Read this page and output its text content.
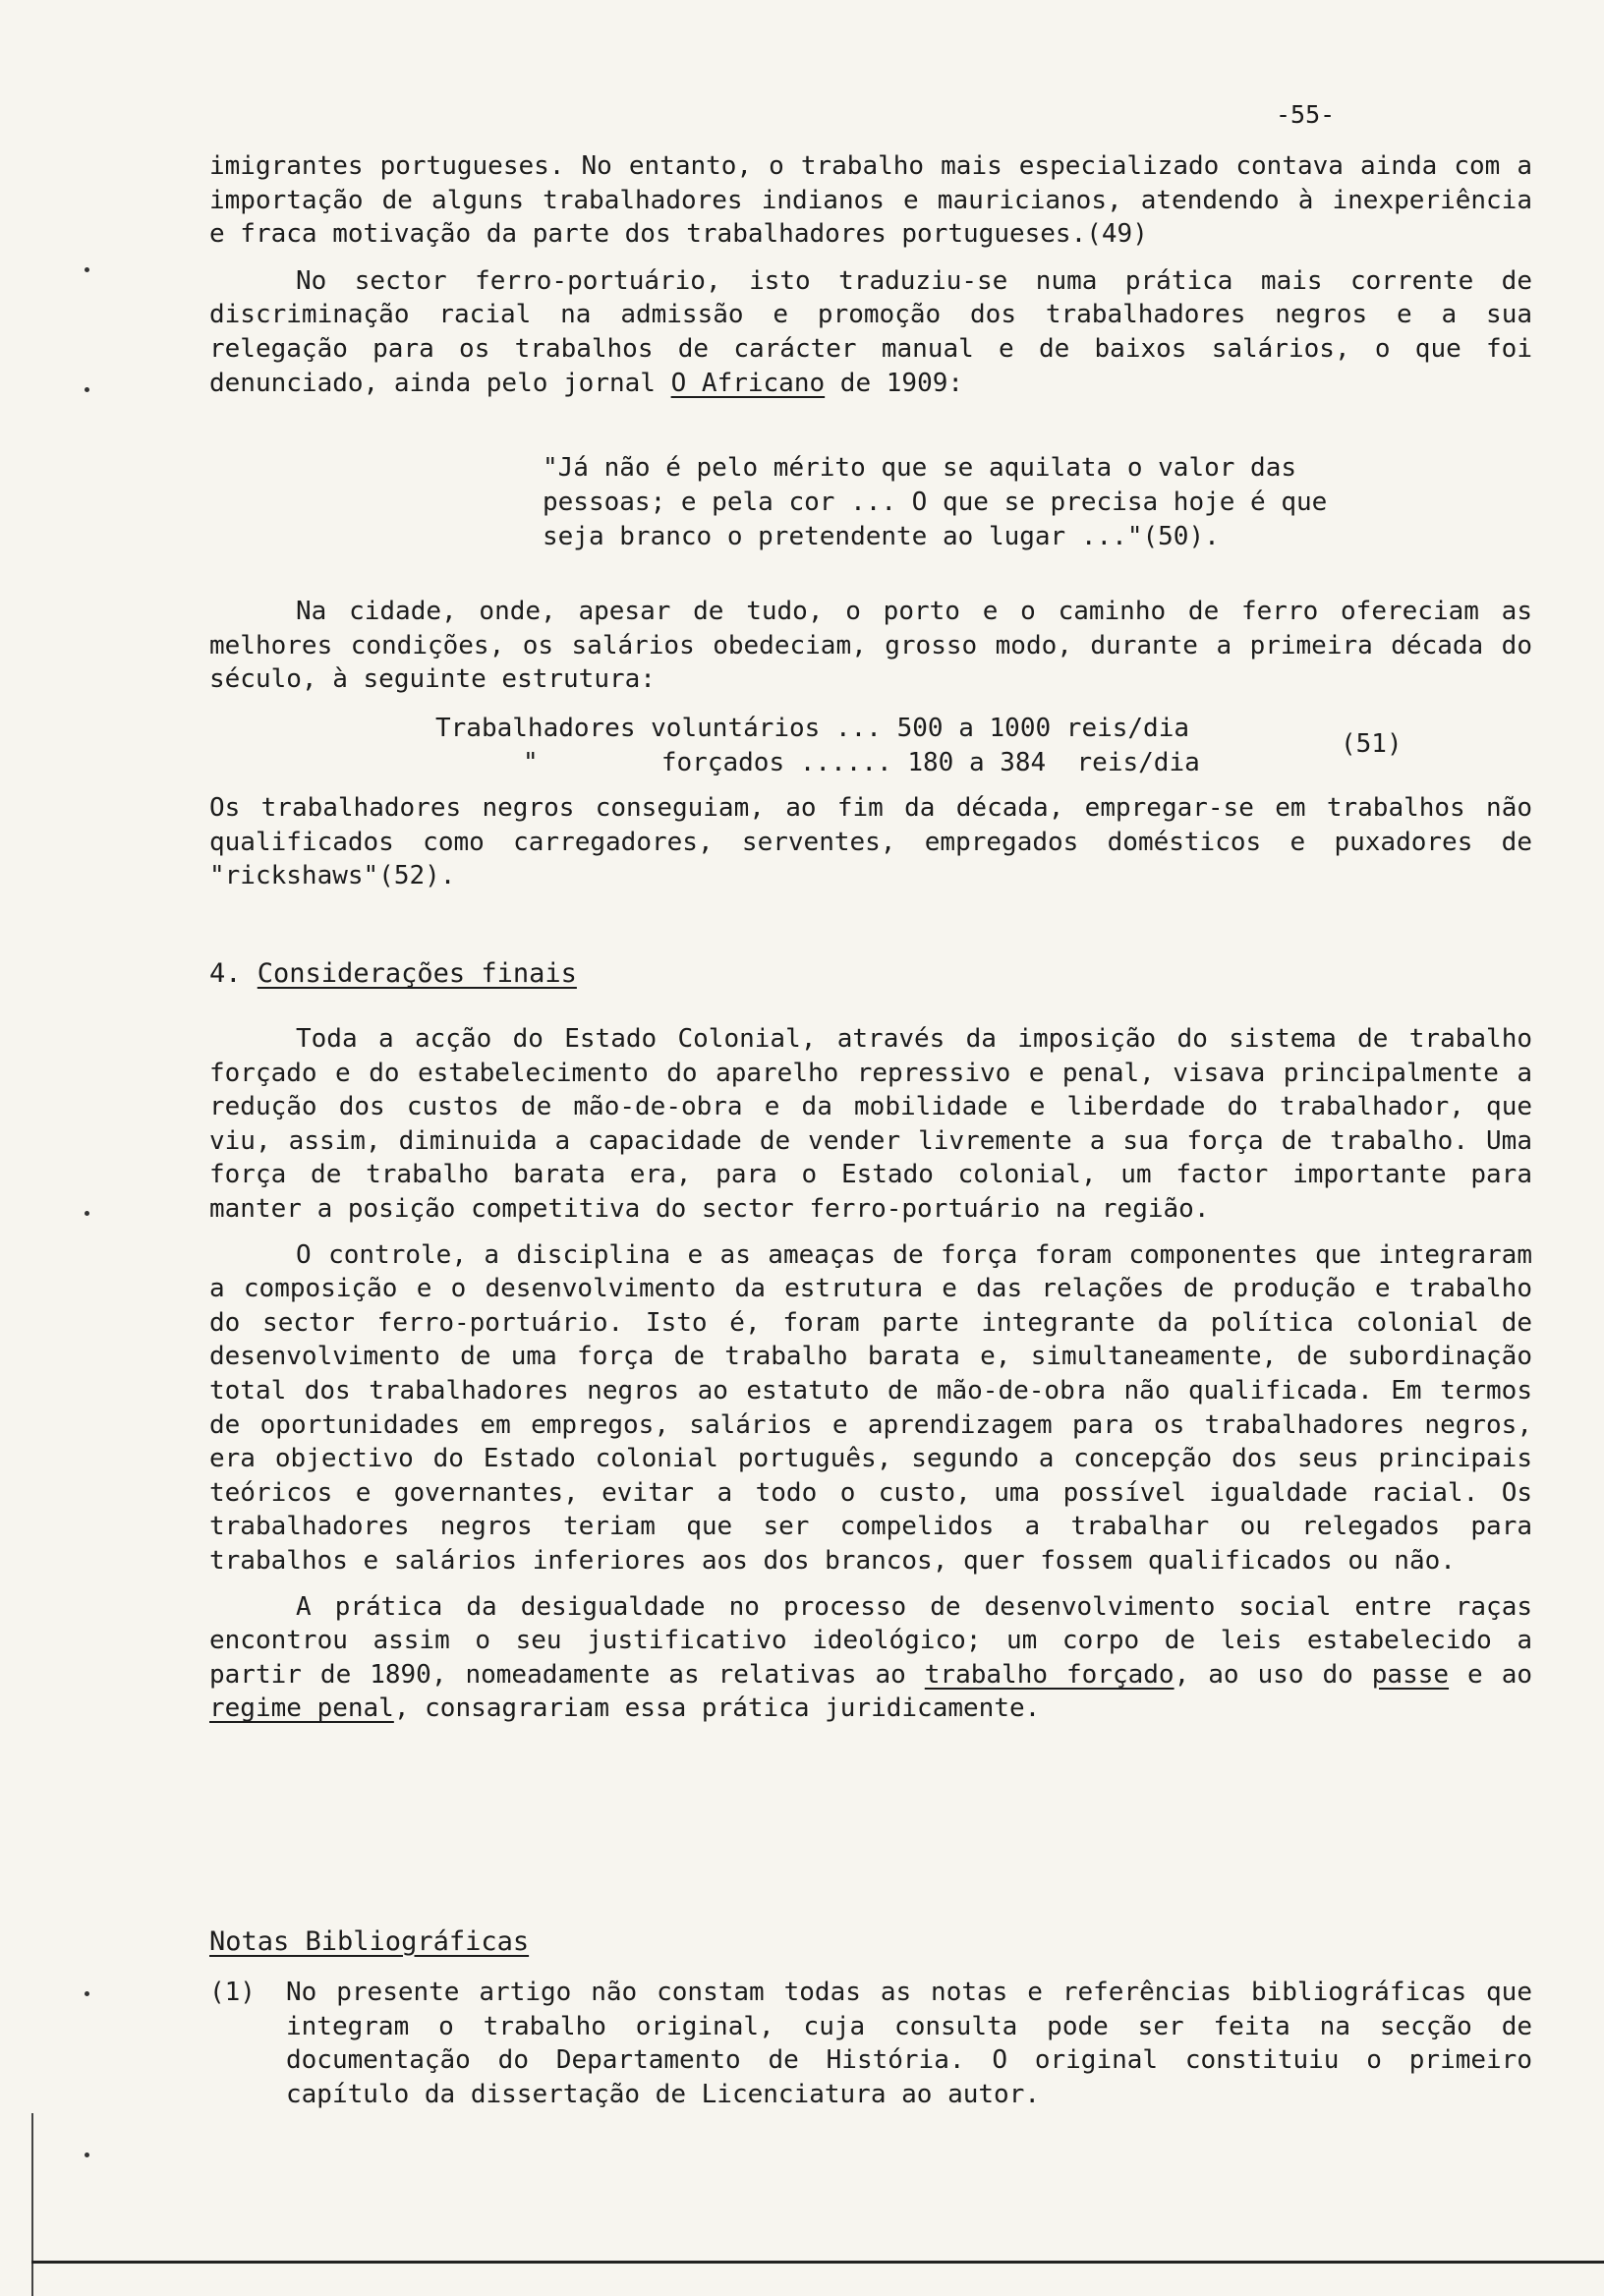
-55-

imigrantes portugueses. No entanto, o trabalho mais especializado contava ainda com a importação de alguns trabalhadores indianos e mauricianos, atendendo à inexperiência e fraca motivação da parte dos trabalhadores portugueses.(49)

No sector ferro-portuário, isto traduziu-se numa prática mais corrente de discriminação racial na admissão e promoção dos trabalhadores negros e a sua relegação para os trabalhos de carácter manual e de baixos salários, o que foi denunciado, ainda pelo jornal O Africano de 1909:

"Já não é pelo mérito que se aquilata o valor das pessoas; e pela cor ... O que se precisa hoje é que seja branco o pretendente ao lugar ..."(50).

Na cidade, onde, apesar de tudo, o porto e o caminho de ferro ofereciam as melhores condições, os salários obedeciam, grosso modo, durante a primeira década do século, à seguinte estrutura:

Trabalhadores voluntários ... 500 a 1000 reis/dia
"        forçados ...... 180 a 384  reis/dia
(51)

Os trabalhadores negros conseguiam, ao fim da década, empregar-se em trabalhos não qualificados como carregadores, serventes, empregados domésticos e puxadores de "rickshaws"(52).

4. Considerações finais

Toda a acção do Estado Colonial, através da imposição do sistema de trabalho forçado e do estabelecimento do aparelho repressivo e penal, visava principalmente a redução dos custos de mão-de-obra e da mobilidade e liberdade do trabalhador, que viu, assim, diminuida a capacidade de vender livremente a sua força de trabalho. Uma força de trabalho barata era, para o Estado colonial, um factor importante para manter a posição competitiva do sector ferro-portuário na região.

O controle, a disciplina e as ameaças de força foram componentes que integraram a composição e o desenvolvimento da estrutura e das relações de produção e trabalho do sector ferro-portuário. Isto é, foram parte integrante da política colonial de desenvolvimento de uma força de trabalho barata e, simultaneamente, de subordinação total dos trabalhadores negros ao estatuto de mão-de-obra não qualificada. Em termos de oportunidades em empregos, salários e aprendizagem para os trabalhadores negros, era objectivo do Estado colonial português, segundo a concepção dos seus principais teóricos e governantes, evitar a todo o custo, uma possível igualdade racial. Os trabalhadores negros teriam que ser compelidos a trabalhar ou relegados para trabalhos e salários inferiores aos dos brancos, quer fossem qualificados ou não.

A prática da desigualdade no processo de desenvolvimento social entre raças encontrou assim o seu justificativo ideológico; um corpo de leis estabelecido a partir de 1890, nomeadamente as relativas ao trabalho forçado, ao uso do passe e ao regime penal, consagrariam essa prática juridicamente.

Notas Bibliográficas
(1)	No presente artigo não constam todas as notas e referências bibliográficas que integram o trabalho original, cuja consulta pode ser feita na secção de documentação do Departamento de História. O original constituiu o primeiro capítulo da dissertação de Licenciatura ao autor.
